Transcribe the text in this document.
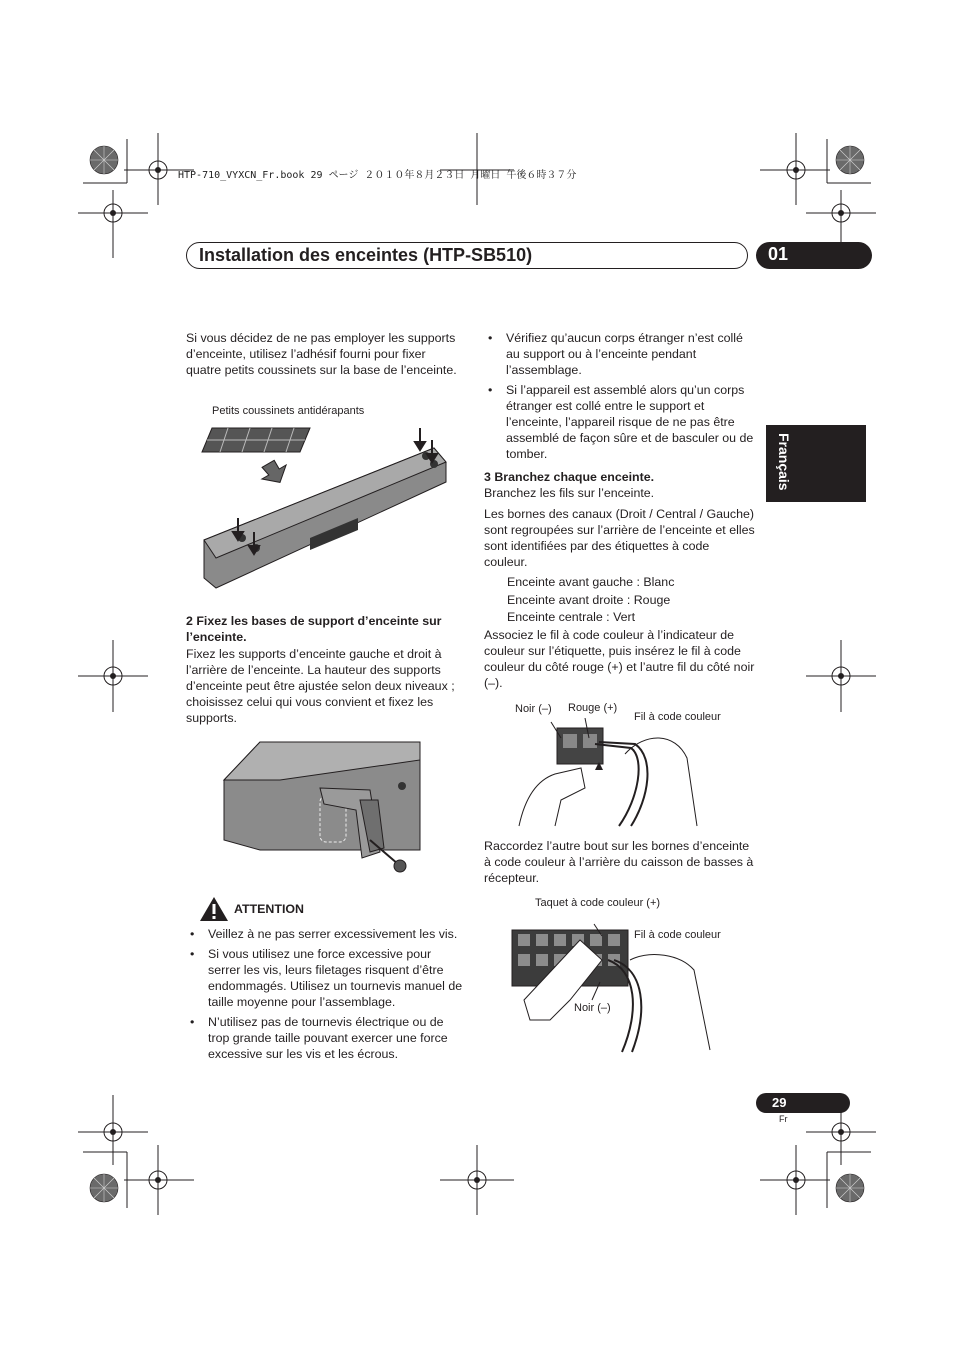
HTP-710_VYXCN_Fr.book 29 ページ ２０１０年８月２３日 月曜日 午後６時３７分
Installation des enceintes (HTP-SB510)	01
Français
Si vous décidez de ne pas employer les supports d’enceinte, utilisez l’adhésif fourni pour fixer quatre petits coussinets sur la base de l’enceinte.
Petits coussinets antidérapants
2 Fixez les bases de support d’enceinte sur l’enceinte.
Fixez les supports d’enceinte gauche et droit à l’arrière de l’enceinte. La hauteur des supports d’enceinte peut être ajustée selon deux niveaux ; choisissez celui qui vous convient et fixez les supports.
ATTENTION
• Veillez à ne pas serrer excessivement les vis.
• Si vous utilisez une force excessive pour serrer les vis, leurs filetages risquent d’être endommagés. Utilisez un tournevis manuel de taille moyenne pour l’assemblage.
• N’utilisez pas de tournevis électrique ou de trop grande taille pouvant exercer une force excessive sur les vis et les écrous.
• Vérifiez qu’aucun corps étranger n’est collé au support ou à l’enceinte pendant l’assemblage.
• Si l’appareil est assemblé alors qu’un corps étranger est collé entre le support et l’enceinte, l’appareil risque de ne pas être assemblé de façon sûre et de basculer ou de tomber.
3 Branchez chaque enceinte.
Branchez les fils sur l’enceinte.
Les bornes des canaux (Droit / Central / Gauche) sont regroupées sur l’arrière de l’enceinte et elles sont identifiées par des étiquettes à code couleur.
Enceinte avant gauche : Blanc
Enceinte avant droite : Rouge
Enceinte centrale : Vert
Associez le fil à code couleur à l’indicateur de couleur sur l’étiquette, puis insérez le fil à code couleur du côté rouge (+) et l’autre fil du côté noir (–).
Noir (–) Rouge (+)
Fil à code couleur
Raccordez l’autre bout sur les bornes d’enceinte à code couleur à l’arrière du caisson de basses à récepteur.
Taquet à code couleur (+)
Fil à code couleur
Noir (–)
29
Fr
